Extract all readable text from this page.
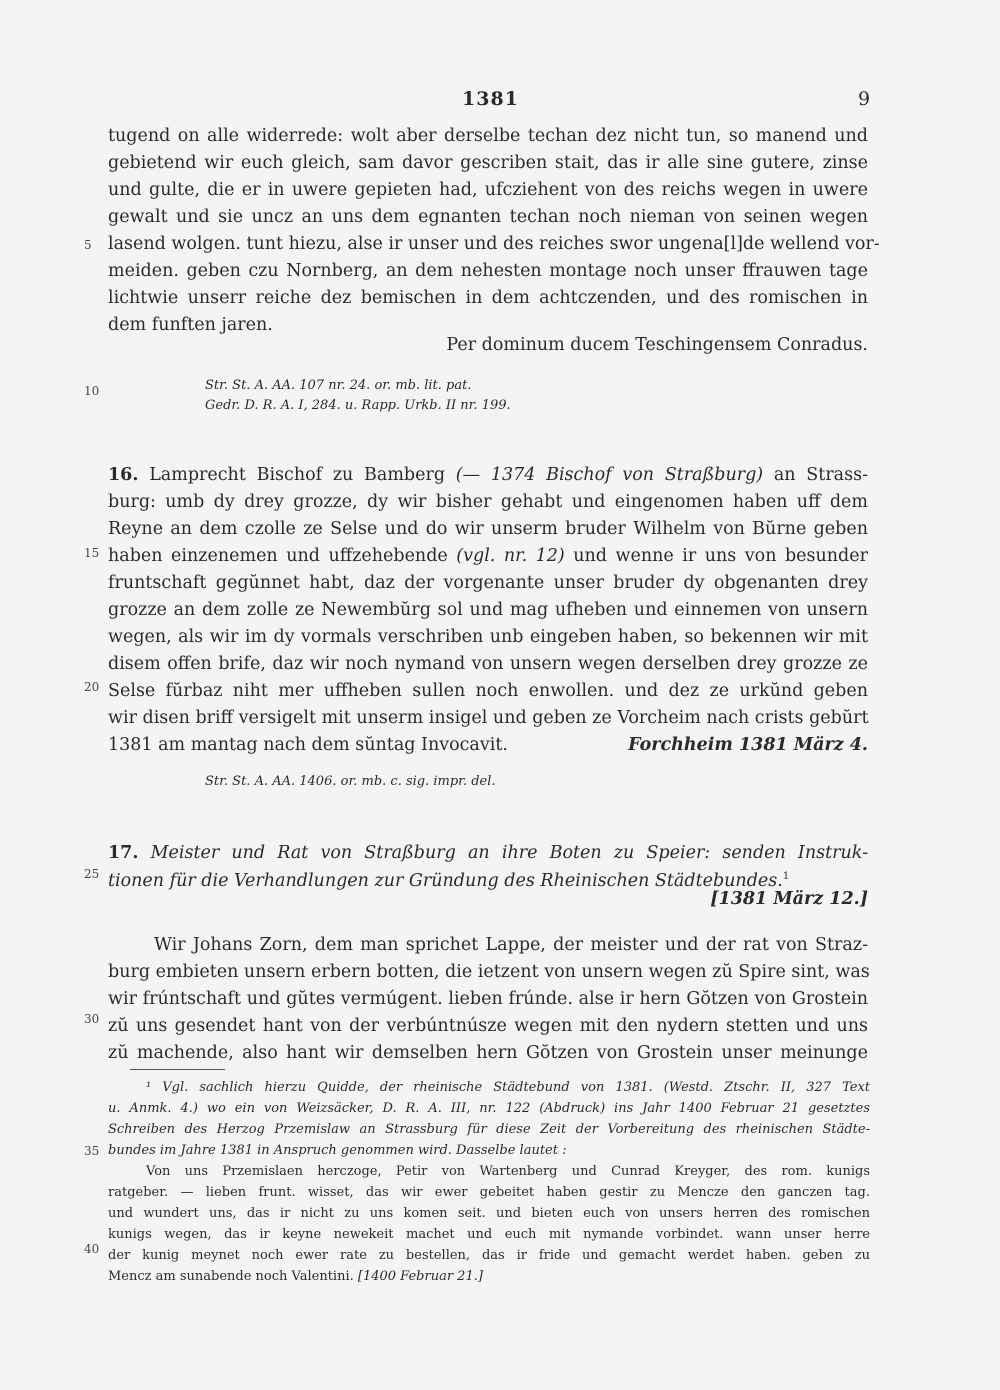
1381	9
5
10
15
20
25
30
35
40
tugend on alle widerrede: wolt aber derselbe techan dez nicht tun, so manend und
gebietend wir euch gleich, sam davor gescriben stait, das ir alle sine gutere, zinse
und gulte, die er in uwere gepieten had, ufcziehent von des reichs wegen in uwere
gewalt und sie uncz an uns dem egnanten techan noch nieman von seinen wegen
lasend wolgen. tunt hiezu, alse ir unser und des reiches swor ungena[l]de wellend vor-
meiden. geben czu Nornberg, an dem nehesten montage noch unser ffrauwen tage
lichtwie unserr reiche dez bemischen in dem achtczenden, und des romischen in
dem funften jaren.
Per dominum ducem Teschingensem Conradus.
Str. St. A. AA. 107 nr. 24. or. mb. lit. pat.
Gedr. D. R. A. I, 284. u. Rapp. Urkb. II nr. 199.
16. Lamprecht Bischof zu Bamberg (— 1374 Bischof von Straßburg) an Strass-
burg: umb dy drey grozze, dy wir bisher gehabt und eingenomen haben uff dem
Reyne an dem czolle ze Selse und do wir unserm bruder Wilhelm von Bŭrne geben
haben einzenemen und uffzehebende (vgl. nr. 12) und wenne ir uns von besunder
fruntschaft gegŭnnet habt, daz der vorgenante unser bruder dy obgenanten drey
grozze an dem zolle ze Newembŭrg sol und mag ufheben und einnemen von unsern
wegen, als wir im dy vormals verschriben unb eingeben haben, so bekennen wir mit
disem offen brife, daz wir noch nymand von unsern wegen derselben drey grozze ze
Selse fŭrbaz niht mer uffheben sullen noch enwollen. und dez ze urkŭnd geben
wir disen briff versigelt mit unserm insigel und geben ze Vorcheim nach crists gebŭrt
1381 am mantag nach dem sŭntag Invocavit.	Forchheim 1381 März 4.
Str. St. A. AA. 1406. or. mb. c. sig. impr. del.
17. Meister und Rat von Straßburg an ihre Boten zu Speier: senden Instruk-
tionen für die Verhandlungen zur Gründung des Rheinischen Städtebundes.$^1$
[1381 März 12.]
Wir Johans Zorn, dem man sprichet Lappe, der meister und der rat von Straz-
burg embieten unsern erbern botten, die ietzent von unsern wegen zŭ Spire sint, was
wir frúntschaft und gŭtes vermúgent. lieben frúnde. alse ir hern Gŏtzen von Grostein
zŭ uns gesendet hant von der verbúntnúsze wegen mit den nydern stetten und uns
zŭ machende, also hant wir demselben hern Gŏtzen von Grostein unser meinunge
¹ Vgl. sachlich hierzu Quidde, der rheinische Städtebund von 1381. (Westd. Ztschr. II, 327 Text
u. Anmk. 4.) wo ein von Weizsäcker, D. R. A. III, nr. 122 (Abdruck) ins Jahr 1400 Februar 21 gesetztes
Schreiben des Herzog Przemislaw an Strassburg für diese Zeit der Vorbereitung des rheinischen Städte-
bundes im Jahre 1381 in Anspruch genommen wird. Dasselbe lautet :
Von uns Przemislaen herczoge, Petir von Wartenberg und Cunrad Kreyger, des rom. kunigs
ratgeber. — lieben frunt. wisset, das wir ewer gebeitet haben gestir zu Mencze den ganczen tag.
und wundert uns, das ir nicht zu uns komen seit. und bieten euch von unsers herren des romischen
kunigs wegen, das ir keyne newekeit machet und euch mit nymande vorbindet. wann unser herre
der kunig meynet noch ewer rate zu bestellen, das ir fride und gemacht werdet haben. geben zu
Mencz am sunabende noch Valentini. [1400 Februar 21.]
